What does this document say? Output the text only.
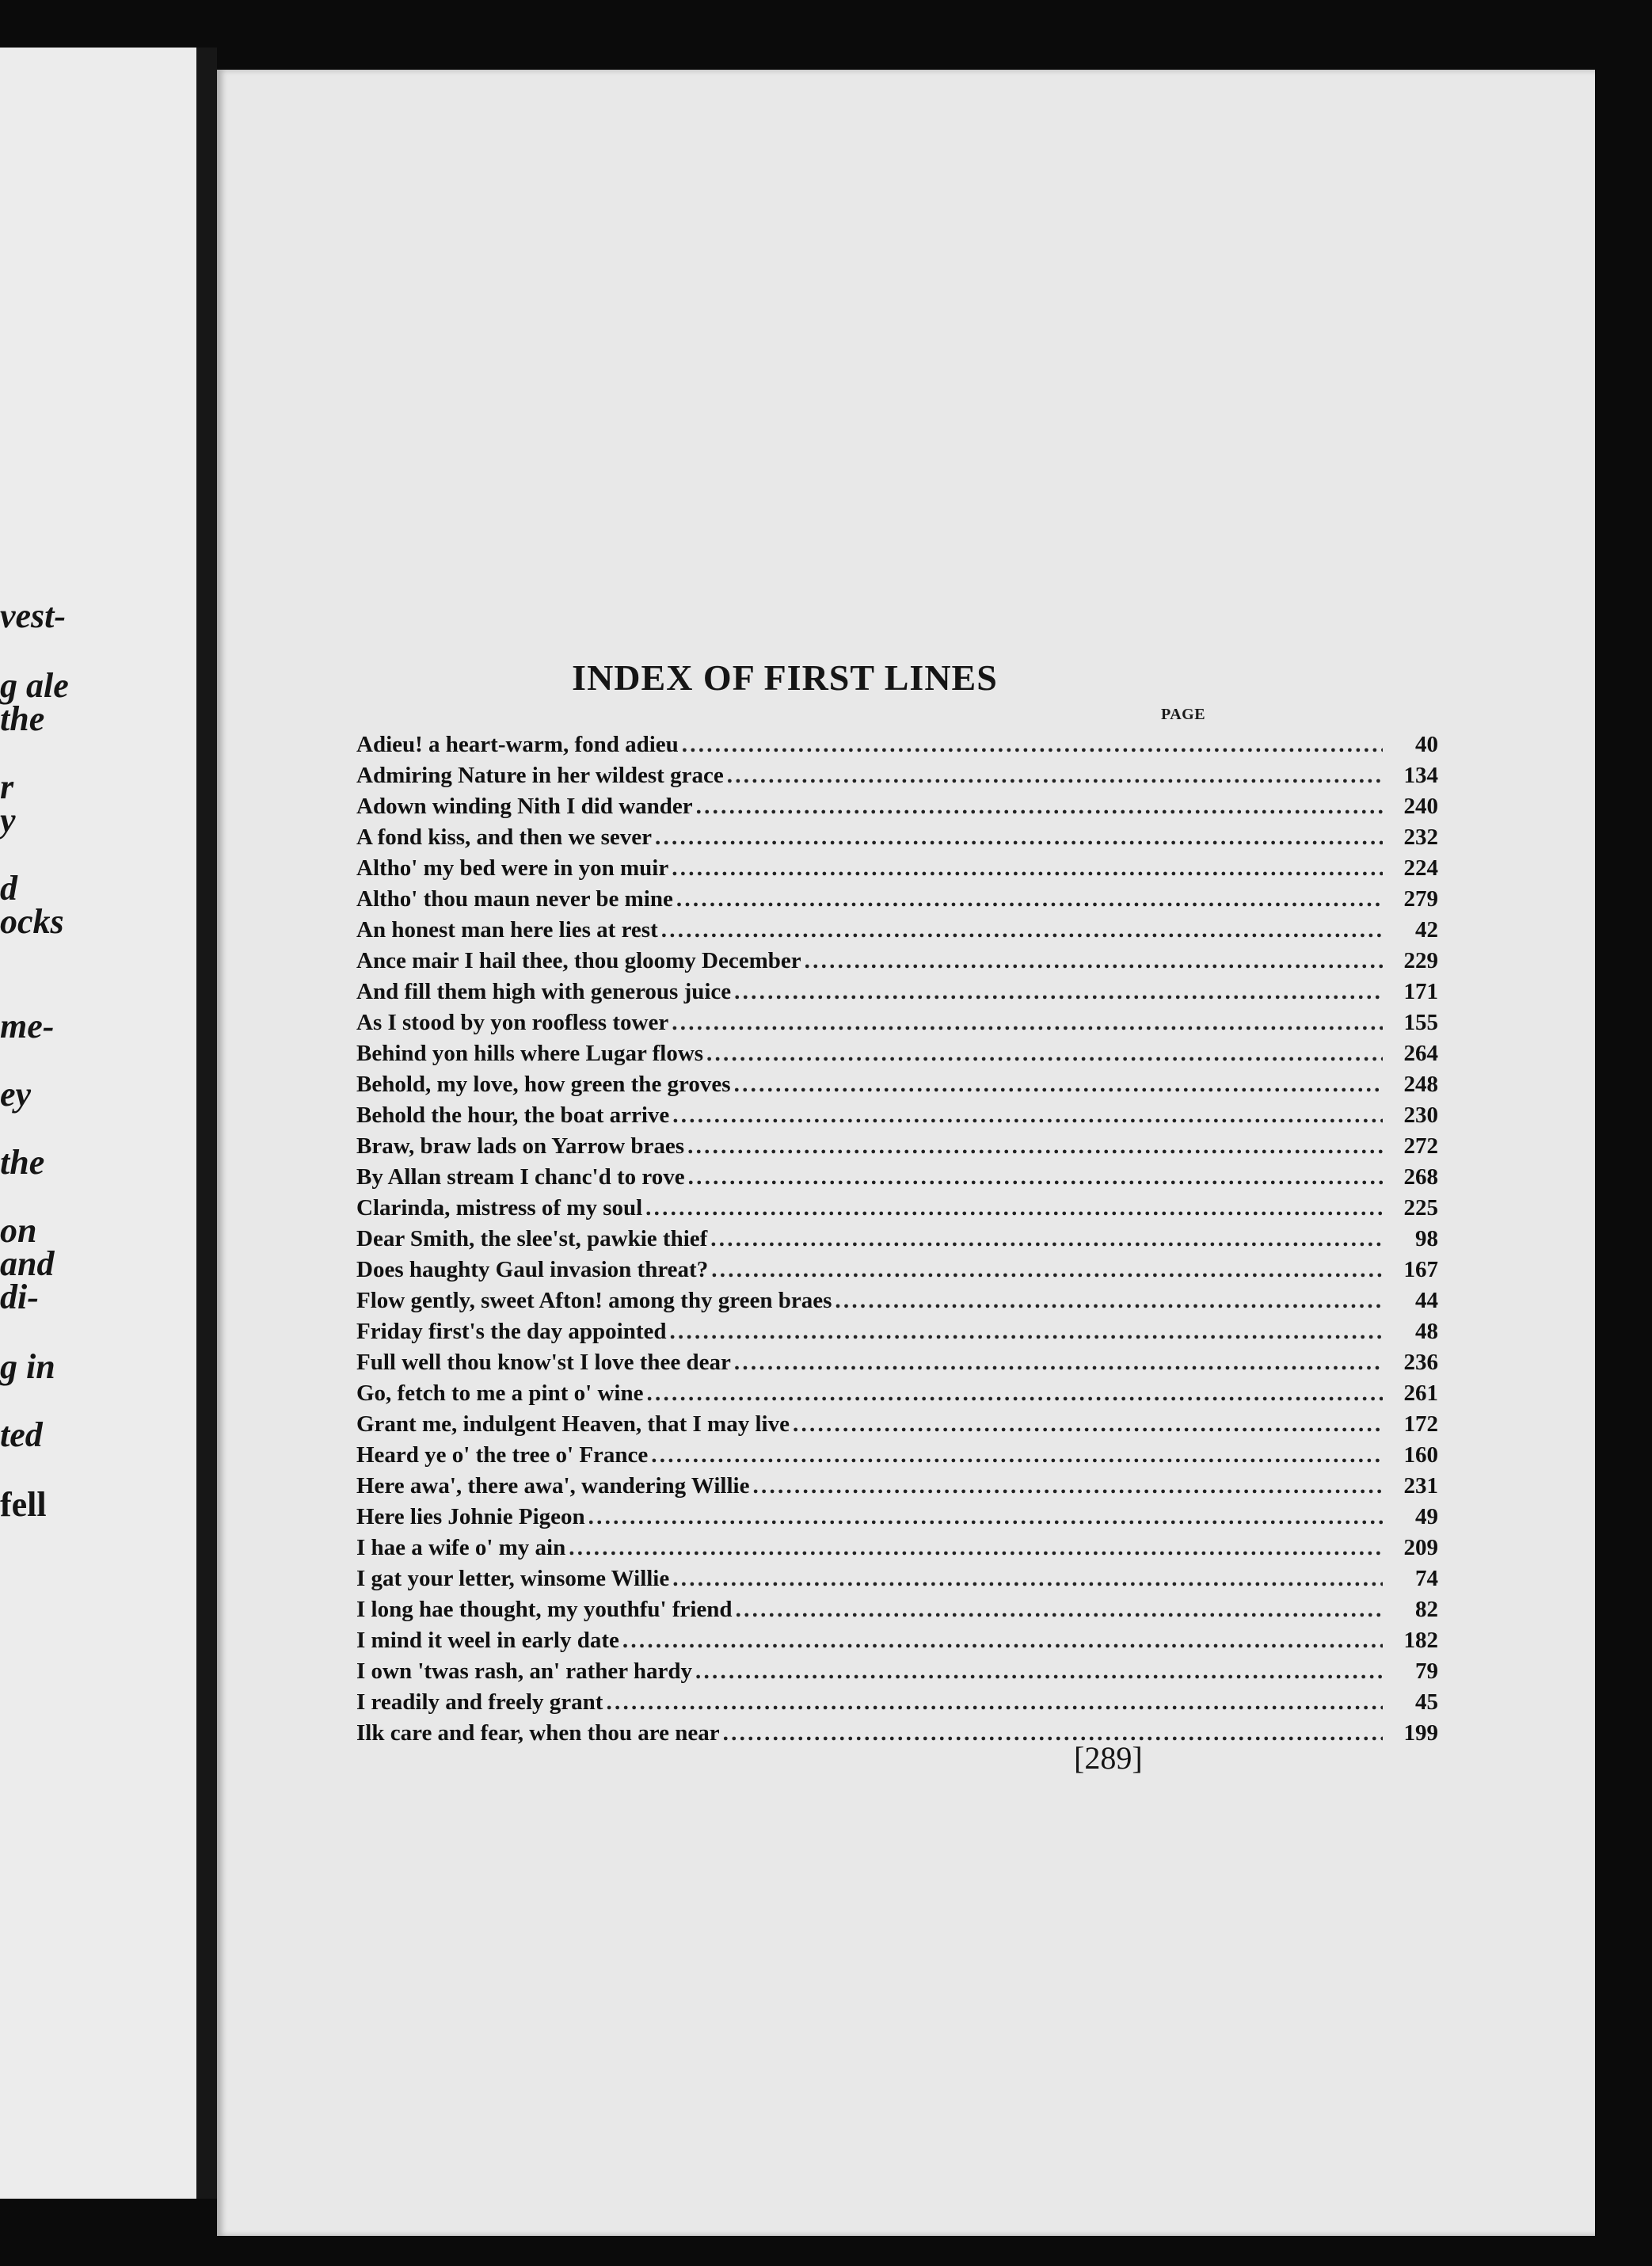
vest-
g ale
the
r
y
d
ocks
me-
ey
the
on
and
di-
g in
ted
fell
INDEX OF FIRST LINES
PAGE
Adieu! a heart-warm, fond adieu . . .	40
Admiring Nature in her wildest grace . . .	134
Adown winding Nith I did wander . . .	240
A fond kiss, and then we sever . . .	232
Altho' my bed were in yon muir . . .	224
Altho' thou maun never be mine . . .	279
An honest man here lies at rest . . .	42
Ance mair I hail thee, thou gloomy December . . .	229
And fill them high with generous juice . . .	171
As I stood by yon roofless tower . . .	155
Behind yon hills where Lugar flows . . .	264
Behold, my love, how green the groves . . .	248
Behold the hour, the boat arrive . . .	230
Braw, braw lads on Yarrow braes . . .	272
By Allan stream I chanc'd to rove . . .	268
Clarinda, mistress of my soul . . .	225
Dear Smith, the slee'st, pawkie thief . . .	98
Does haughty Gaul invasion threat? . . .	167
Flow gently, sweet Afton! among thy green braes . . .	44
Friday first's the day appointed . . .	48
Full well thou know'st I love thee dear . . .	236
Go, fetch to me a pint o' wine . . .	261
Grant me, indulgent Heaven, that I may live . . .	172
Heard ye o' the tree o' France . . .	160
Here awa', there awa', wandering Willie . . .	231
Here lies Johnie Pigeon . . .	49
I hae a wife o' my ain . . .	209
I gat your letter, winsome Willie . . .	74
I long hae thought, my youthfu' friend . . .	82
I mind it weel in early date . . .	182
I own 'twas rash, an' rather hardy . . .	79
I readily and freely grant . . .	45
Ilk care and fear, when thou are near . . .	199
[289]
